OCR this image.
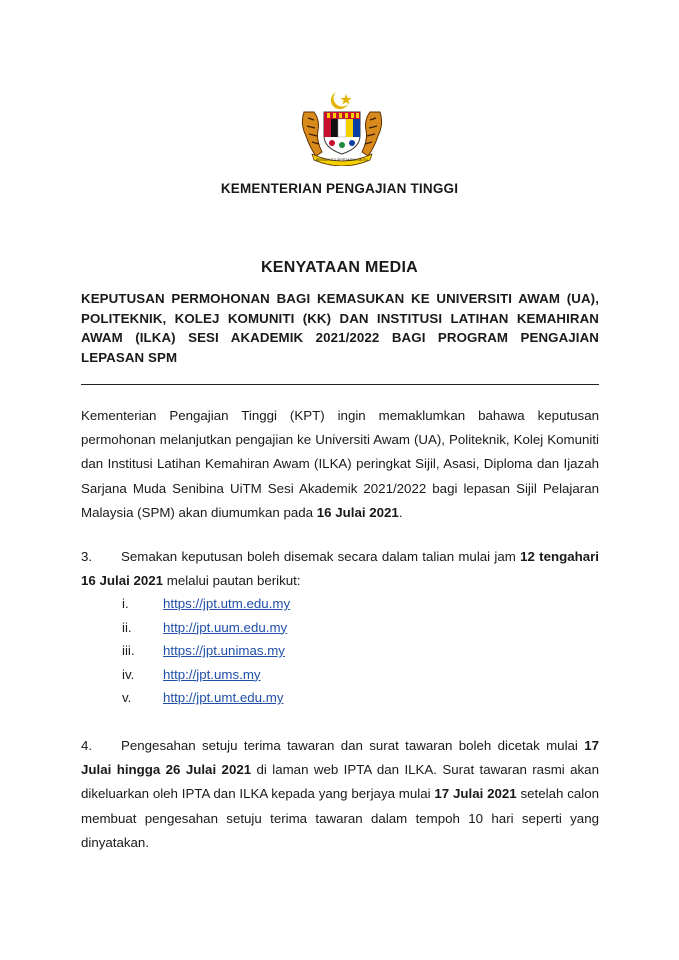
BERSEKUTU BERTAMBAH MUTU
KEMENTERIAN PENGAJIAN TINGGI
KENYATAAN MEDIA
KEPUTUSAN PERMOHONAN BAGI KEMASUKAN KE UNIVERSITI AWAM (UA), POLITEKNIK, KOLEJ KOMUNITI (KK) DAN INSTITUSI LATIHAN KEMAHIRAN AWAM (ILKA) SESI AKADEMIK 2021/2022 BAGI PROGRAM PENGAJIAN LEPASAN SPM
Kementerian Pengajian Tinggi (KPT) ingin memaklumkan bahawa keputusan permohonan melanjutkan pengajian ke Universiti Awam (UA), Politeknik, Kolej Komuniti dan Institusi Latihan Kemahiran Awam (ILKA) peringkat Sijil, Asasi, Diploma dan Ijazah Sarjana Muda Senibina UiTM Sesi Akademik 2021/2022 bagi lepasan Sijil Pelajaran Malaysia (SPM) akan diumumkan pada 16 Julai 2021.
3. Semakan keputusan boleh disemak secara dalam talian mulai jam 12 tengahari 16 Julai 2021 melalui pautan berikut:
i.	https://jpt.utm.edu.my
ii.	http://jpt.uum.edu.my
iii.	https://jpt.unimas.my
iv.	http://jpt.ums.my
v.	http://jpt.umt.edu.my
4. Pengesahan setuju terima tawaran dan surat tawaran boleh dicetak mulai 17 Julai hingga 26 Julai 2021 di laman web IPTA dan ILKA. Surat tawaran rasmi akan dikeluarkan oleh IPTA dan ILKA kepada yang berjaya mulai 17 Julai 2021 setelah calon membuat pengesahan setuju terima tawaran dalam tempoh 10 hari seperti yang dinyatakan.
